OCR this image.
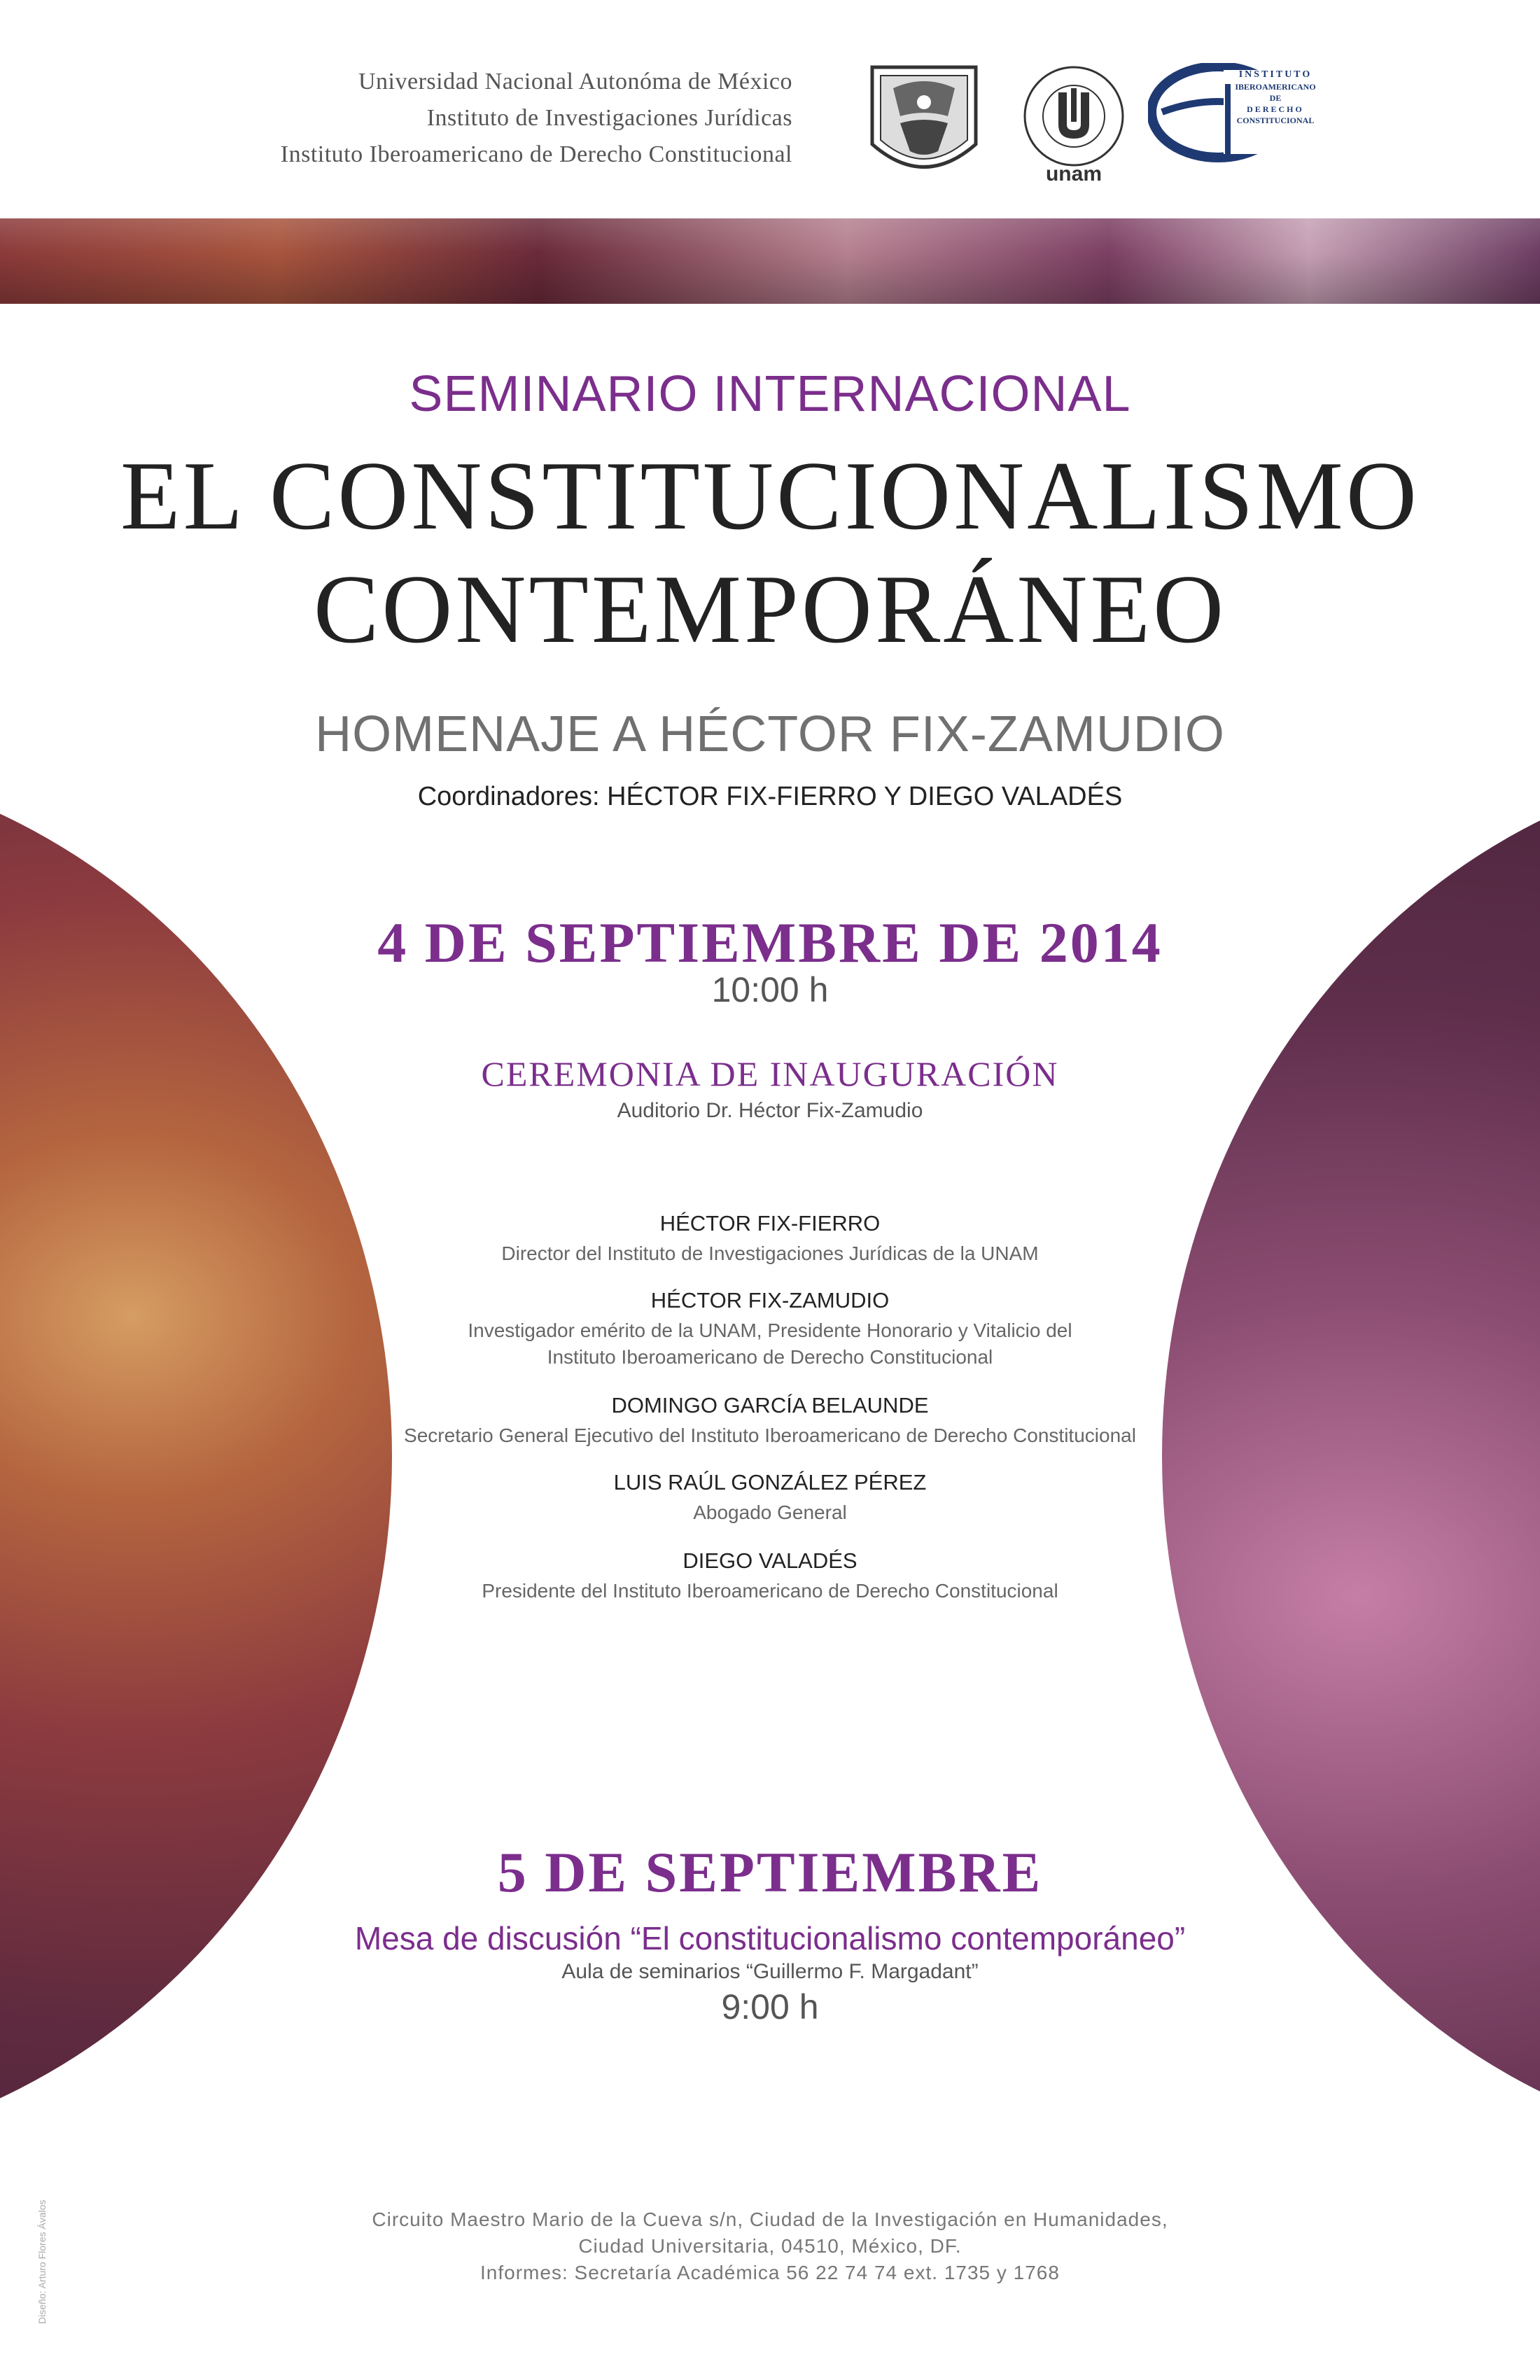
Universidad Nacional Autonóma de México
Instituto de Investigaciones Jurídicas
Instituto Iberoamericano de Derecho Constitucional
unam
INSTITUTO
IBEROAMERICANO
DE
DERECHO
CONSTITUCIONAL
SEMINARIO INTERNACIONAL
EL CONSTITUCIONALISMO
CONTEMPORÁNEO
HOMENAJE A HÉCTOR FIX-ZAMUDIO
Coordinadores: HÉCTOR FIX-FIERRO Y DIEGO VALADÉS
4 DE SEPTIEMBRE DE 2014
10:00 h
CEREMONIA DE INAUGURACIÓN
Auditorio Dr. Héctor Fix-Zamudio
HÉCTOR FIX-FIERRO
Director del Instituto de Investigaciones Jurídicas de la UNAM
HÉCTOR FIX-ZAMUDIO
Investigador emérito de la UNAM, Presidente Honorario y Vitalicio del Instituto Iberoamericano de Derecho Constitucional
DOMINGO GARCÍA BELAUNDE
Secretario General Ejecutivo del Instituto Iberoamericano de Derecho Constitucional
LUIS RAÚL GONZÁLEZ PÉREZ
Abogado General
DIEGO VALADÉS
Presidente del Instituto Iberoamericano de Derecho Constitucional
5 DE SEPTIEMBRE
Mesa de discusión “El constitucionalismo contemporáneo”
Aula de seminarios “Guillermo F. Margadant”
9:00 h
Circuito Maestro Mario de la Cueva s/n, Ciudad de la Investigación en Humanidades,
Ciudad Universitaria, 04510, México, DF.
Informes: Secretaría Académica 56 22 74 74 ext. 1735 y 1768
Diseño: Arturo Flores Ávalos
